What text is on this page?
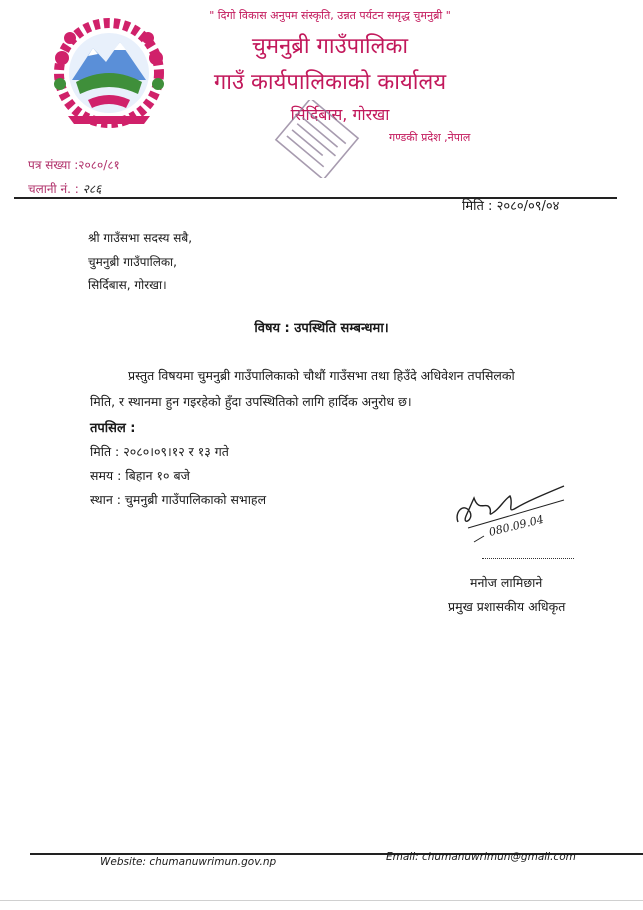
" दिगो विकास अनुपम संस्कृति, उन्नत पर्यटन समृद्ध चुमनुब्री "
चुमनुब्री गाउँपालिका
गाउँ कार्यपालिकाको कार्यालय
सिर्दिबास, गोरखा
गण्डकी प्रदेश ,नेपाल
पत्र संख्या :२०८०/८१
चलानी नं. : २८६
मिति : २०८०/०९/०४
श्री गाउँसभा सदस्य सबै,
चुमनुब्री गाउँपालिका,
सिर्दिबास, गोरखा।
विषय : उपस्थिति सम्बन्धमा।
प्रस्तुत विषयमा चुमनुब्री गाउँपालिकाको चौथौं गाउँसभा तथा हिउँदे अधिवेशन तपसिलको
मिति, र स्थानमा हुन गइरहेको हुँदा उपस्थितिको लागि हार्दिक अनुरोध छ।
तपसिल :
मिति : २०८०।०९।१२ र १३ गते
समय : बिहान १० बजे
स्थान : चुमनुब्री गाउँपालिकाको सभाहल
080.09.04
मनोज लामिछाने
प्रमुख प्रशासकीय अधिकृत
Website: chumanuwrimun.gov.np	Email: chumanuwrimun@gmail.com
